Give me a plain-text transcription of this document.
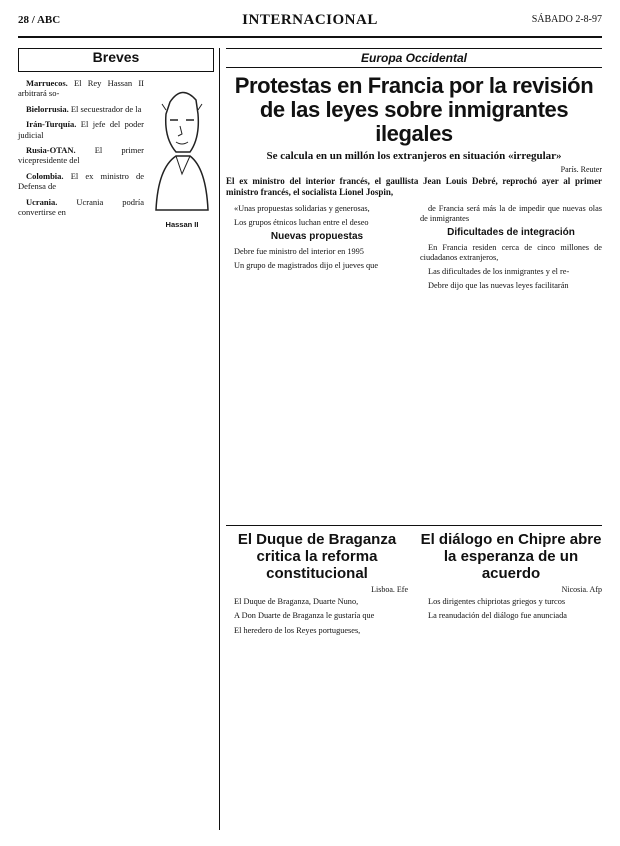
28 / ABC	INTERNACIONAL	SÁBADO 2-8-97
Breves
Hassan II

Marruecos. El Rey Hassan II arbitrará so-

Bielorrusia. El secuestrador de la

Irán-Turquía. El jefe del poder judicial

Rusia-OTAN. El primer vicepresidente del

Colombia. El ex ministro de Defensa de

Ucrania. Ucrania podría convertirse en

Europa Occidental
Protestas en Francia por la revisión de las leyes sobre inmigrantes ilegales
Se calcula en un millón los extranjeros en situación «irregular»
París. Reuter
El ex ministro del interior francés, el gaullista Jean Louis Debré, reprochó ayer al primer ministro francés, el socialista Lionel Jospin,

«Unas propuestas solidarias y generosas,

Los grupos étnicos luchan entre el deseo

Nuevas propuestas

Debre fue ministro del interior en 1995

Un grupo de magistrados dijo el jueves que

de Francia será más la de impedir que nuevas olas de inmigrantes

Dificultades de integración

En Francia residen cerca de cinco millones de ciudadanos extranjeros,

Las dificultades de los inmigrantes y el re-

Debre dijo que las nuevas leyes facilitarán

El Duque de Braganza critica la reforma constitucional
Lisboa. Efe

El Duque de Braganza, Duarte Nuno,

A Don Duarte de Braganza le gustaría que

El heredero de los Reyes portugueses,

El diálogo en Chipre abre la esperanza de un acuerdo
Nicosia. Afp

Los dirigentes chipriotas griegos y turcos

La reanudación del diálogo fue anunciada
